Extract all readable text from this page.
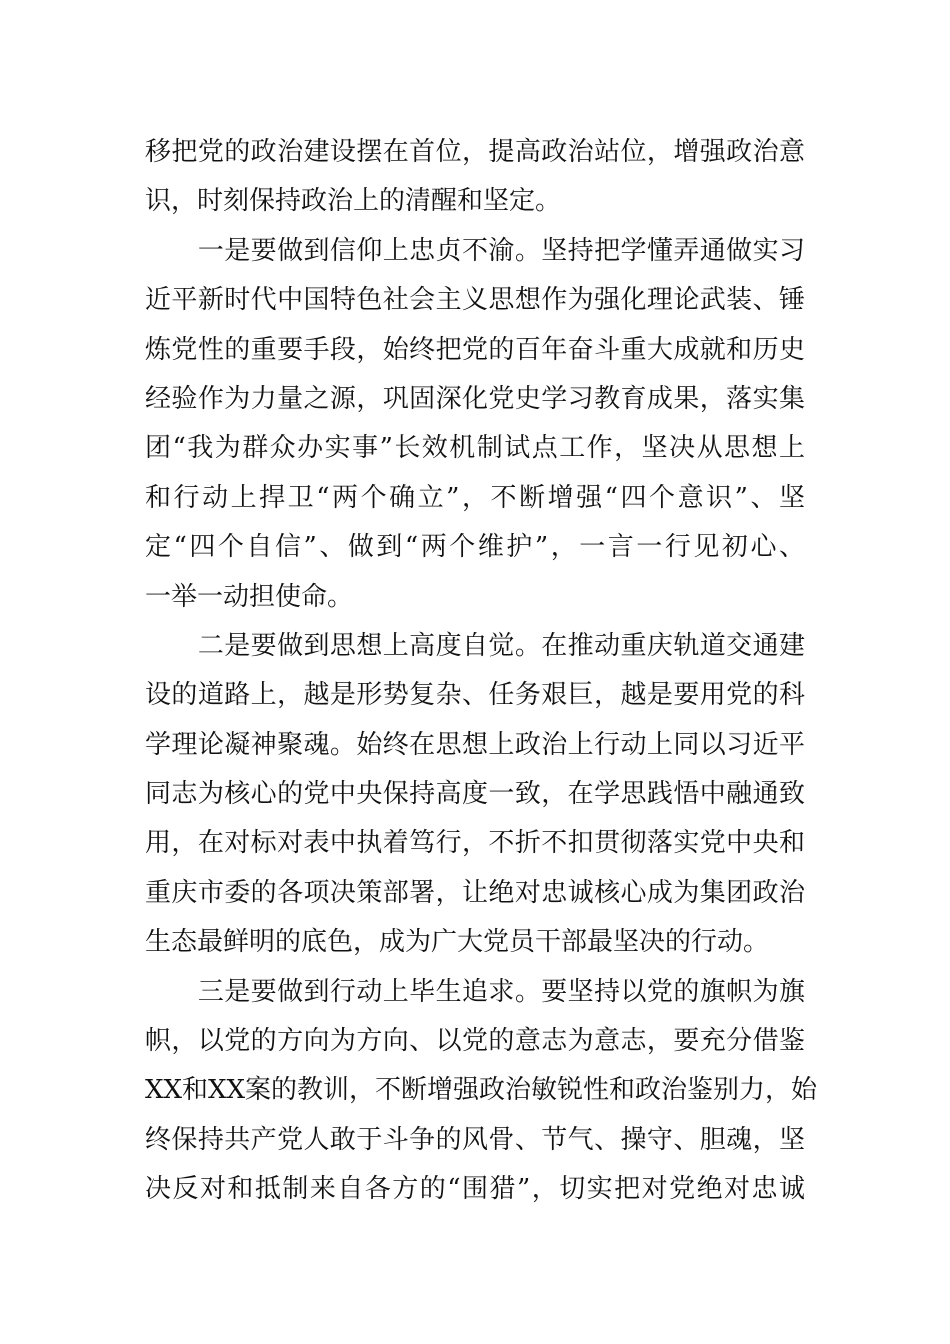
移把党的政治建设摆在首位，提高政治站位，增强政治意
识，时刻保持政治上的清醒和坚定。
　　一是要做到信仰上忠贞不渝。坚持把学懂弄通做实习
近平新时代中国特色社会主义思想作为强化理论武装、锤
炼党性的重要手段，始终把党的百年奋斗重大成就和历史
经验作为力量之源，巩固深化党史学习教育成果，落实集
团“我为群众办实事”长效机制试点工作，坚决从思想上
和行动上捍卫“两个确立”，不断增强“四个意识”、坚
定“四个自信”、做到“两个维护”，一言一行见初心、
一举一动担使命。
　　二是要做到思想上高度自觉。在推动重庆轨道交通建
设的道路上，越是形势复杂、任务艰巨，越是要用党的科
学理论凝神聚魂。始终在思想上政治上行动上同以习近平
同志为核心的党中央保持高度一致，在学思践悟中融通致
用，在对标对表中执着笃行，不折不扣贯彻落实党中央和
重庆市委的各项决策部署，让绝对忠诚核心成为集团政治
生态最鲜明的底色，成为广大党员干部最坚决的行动。
　　三是要做到行动上毕生追求。要坚持以党的旗帜为旗
帜，以党的方向为方向、以党的意志为意志，要充分借鉴
XX和XX案的教训，不断增强政治敏锐性和政治鉴别力，始
终保持共产党人敢于斗争的风骨、节气、操守、胆魂，坚
决反对和抵制来自各方的“围猎”，切实把对党绝对忠诚
